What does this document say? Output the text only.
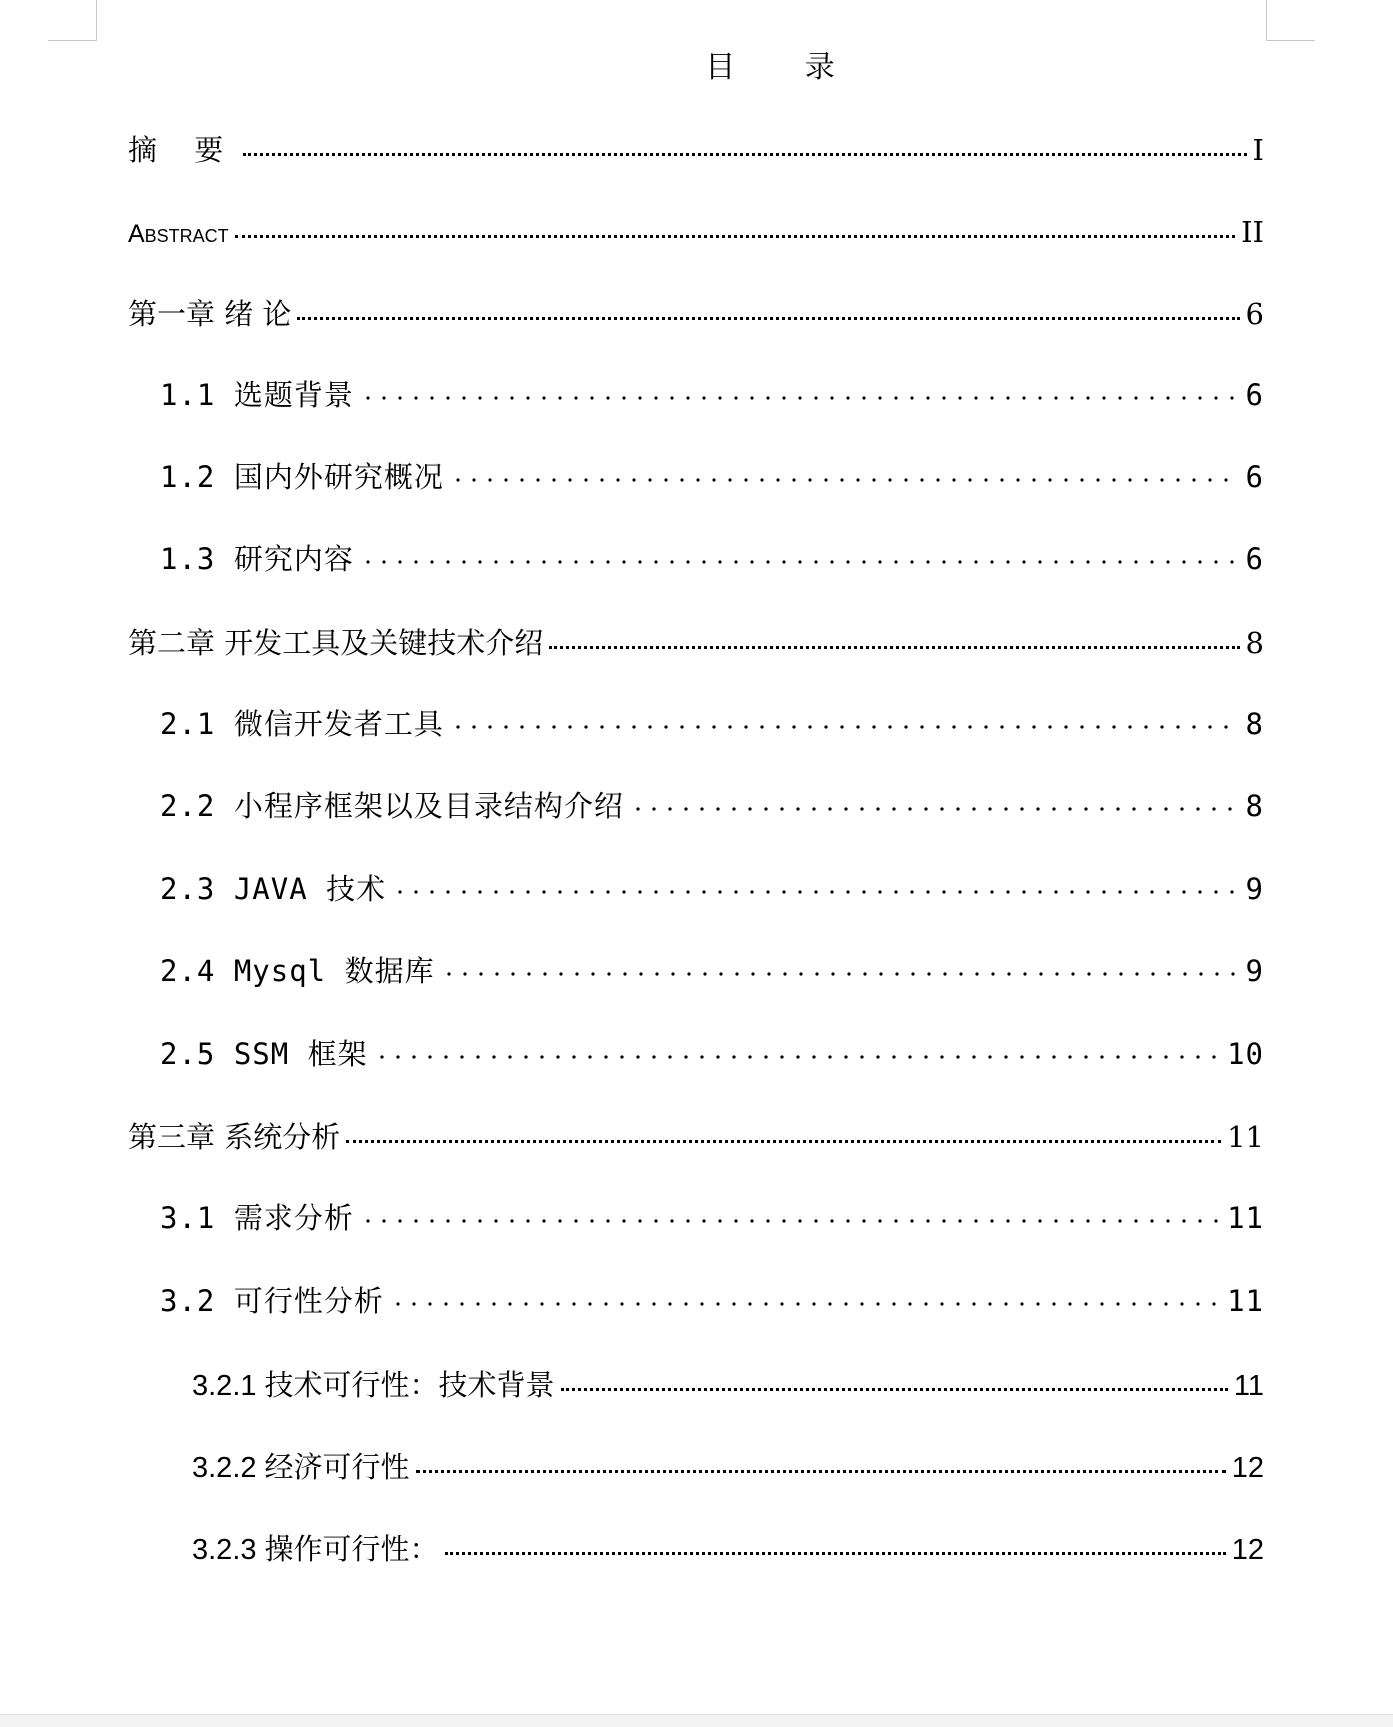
目 录
摘 要	I
Abstract	II
第一章 绪 论	6
1.1 选题背景	6
1.2 国内外研究概况	6
1.3 研究内容	6
第二章 开发工具及关键技术介绍	8
2.1 微信开发者工具	8
2.2 小程序框架以及目录结构介绍	8
2.3 JAVA 技术	9
2.4 Mysql 数据库	9
2.5 SSM 框架	10
第三章 系统分析	11
3.1 需求分析	11
3.2 可行性分析	11
3.2.1 技术可行性：技术背景	11
3.2.2 经济可行性	12
3.2.3 操作可行性：	12
